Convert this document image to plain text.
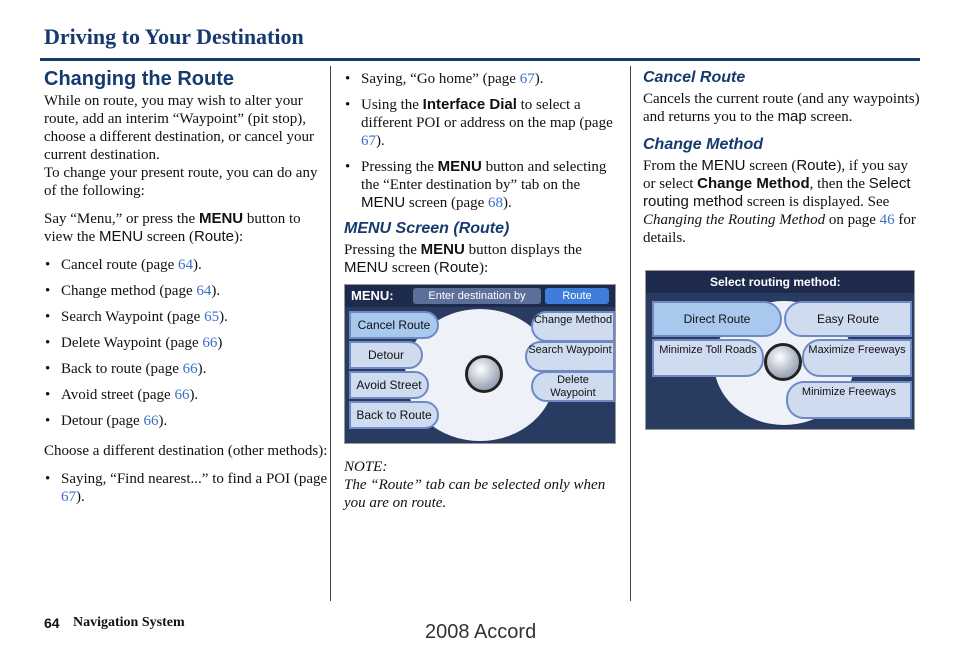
Driving to Your Destination
Changing the Route

While on route, you may wish to alter your route, add an interim “Waypoint” (pit stop), choose a different destination, or cancel your current destination.

To change your present route, you can do any of the following:

Say “Menu,” or press the MENU button to view the MENU screen (Route):

• Cancel route (page 64).
• Change method (page 64).
• Search Waypoint (page 65).
• Delete Waypoint (page 66)
• Back to route (page 66).
• Avoid street (page 66).
• Detour (page 66).

Choose a different destination (other methods):

• Saying, “Find nearest...” to find a POI (page 67).
• Saying, “Go home” (page 67).
• Using the Interface Dial to select a different POI or address on the map (page 67).
• Pressing the MENU button and selecting the “Enter destination by” tab on the MENU screen (page 68).
MENU Screen (Route)

Pressing the MENU button displays the MENU screen (Route):

MENU:	Enter destination by	Route
Cancel Route
Detour
Avoid Street
Back to Route
Change Method
Search Waypoint
Delete Waypoint
NOTE:
The “Route” tab can be selected only when you are on route.
Cancel Route

Cancels the current route (and any waypoints) and returns you to the map screen.

Change Method

From the MENU screen (Route), if you say or select Change Method, then the Select routing method screen is displayed. See Changing the Routing Method on page 46 for details.

Select routing method:
Direct Route	Easy Route
Minimize Toll Roads	Maximize Freeways
Minimize Freeways
64 Navigation System	2008 Accord
